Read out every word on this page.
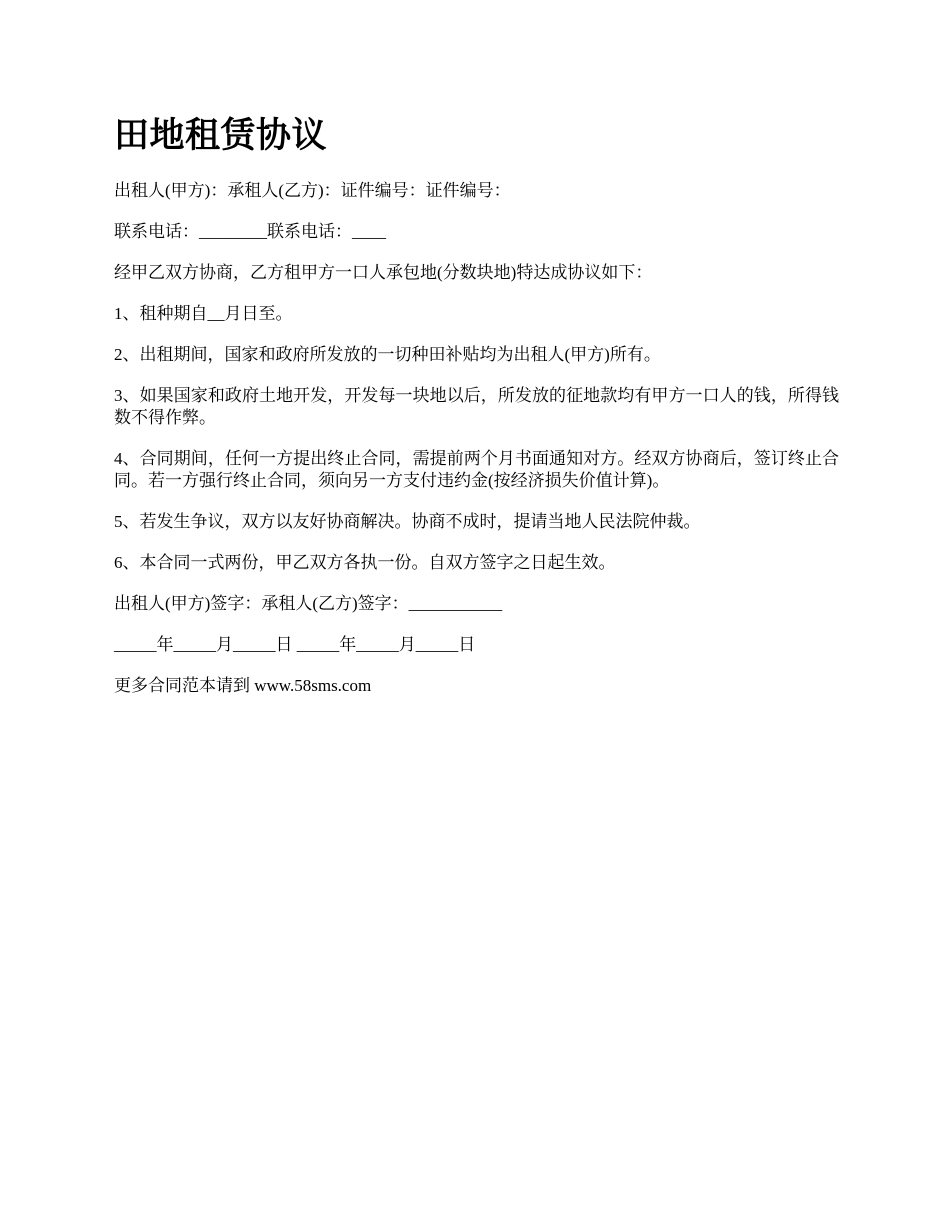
田地租赁协议

出租人(甲方)：承租人(乙方)：证件编号：证件编号：

联系电话：________联系电话：____

经甲乙双方协商，乙方租甲方一口人承包地(分数块地)特达成协议如下：

1、租种期自__月日至。

2、出租期间，国家和政府所发放的一切种田补贴均为出租人(甲方)所有。

3、如果国家和政府土地开发，开发每一块地以后，所发放的征地款均有甲方一口人的钱，所得钱数不得作弊。

4、合同期间，任何一方提出终止合同，需提前两个月书面通知对方。经双方协商后，签订终止合同。若一方强行终止合同，须向另一方支付违约金(按经济损失价值计算)。

5、若发生争议，双方以友好协商解决。协商不成时，提请当地人民法院仲裁。

6、本合同一式两份，甲乙双方各执一份。自双方签字之日起生效。

出租人(甲方)签字：承租人(乙方)签字：___________

_____年_____月_____日 _____年_____月_____日

更多合同范本请到 www.58sms.com
